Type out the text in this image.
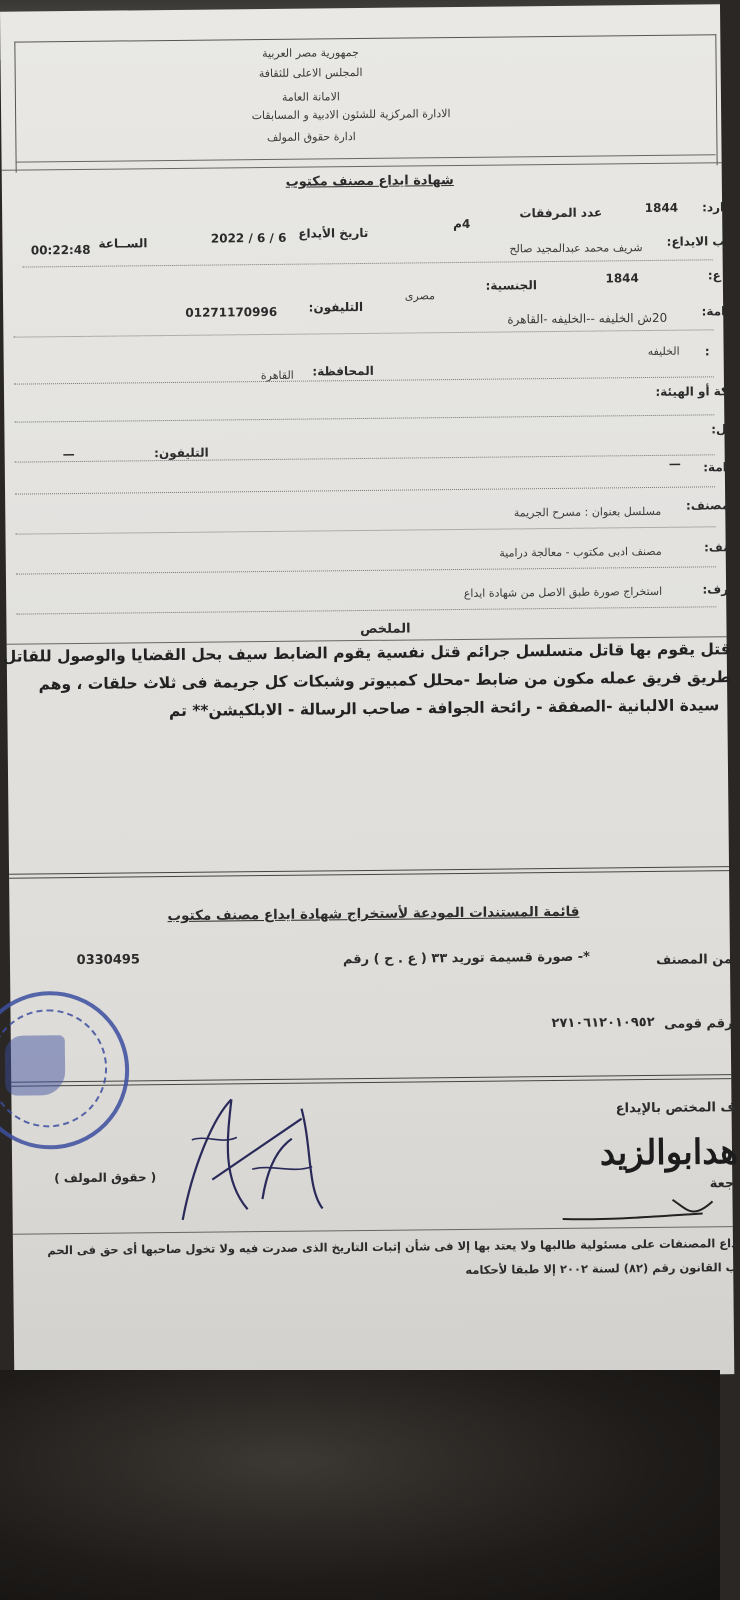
جمهورية مصر العربية
المجلس الاعلى للثقافة
الامانة العامة
الادارة المركزية للشئون الادبية و المسابقات
ادارة حقوق المولف
شهادة ايداع مصنف مكتوب
ارد:
1844
عدد المرفقات
4م
تاريخ الأيداع
2022 / 6 / 6
الســاعة
00:22:48
ب الايداع:
شريف محمد عبدالمجيد صالح
ع:
1844
الجنسية:
مصرى
التليفون:
01271170996	امة:
20ش الخليفه --الخليفه -القاهرة
:
الخليفه
المحافظة:
القاهرة
كة أو الهيئة:
ل:
التليفون:
—
امة:
—
مصنف:
مسلسل بعنوان : مسرح الجريمة
نف:
مصنف ادبى مكتوب - معالجة درامية
رف:
استخراج صورة طبق الاصل من شهادة ايداع
الملخص
قتل يقوم بها قاتل متسلسل جرائم قتل نفسية يقوم الضابط سيف بحل القضايا والوصول للقاتل
طريق فريق عمله مكون من ضابط -محلل كمبيوتر وشبكات كل جريمة فى ثلاث حلقات ، وهم
سيدة الالبانية -الصفقة - رائحة الجوافة - صاحب الرسالة - الابلكيشن** تم
قائمة المستندات المودعة لأستخراج شهادة ايداع مصنف مكتوب
من المصنف
*- صورة قسيمة توريد ٣٣ ( ع . ح ) رقم
0330495
رقم قومى
٢٧١٠٦١٢٠١٠٩٥٢
ف المختص بالإيداع
هدابوالزيد
جعة
( حقوق المولف )
داع المصنفات على مسئولية طالبها ولا يعتد بها إلا فى شأن إثبات التاريخ الذى صدرت فيه ولا تخول صاحبها أى حق فى الحم
ب القانون رقم (٨٢) لسنة ٢٠٠٢ إلا طبقا لأحكامه
